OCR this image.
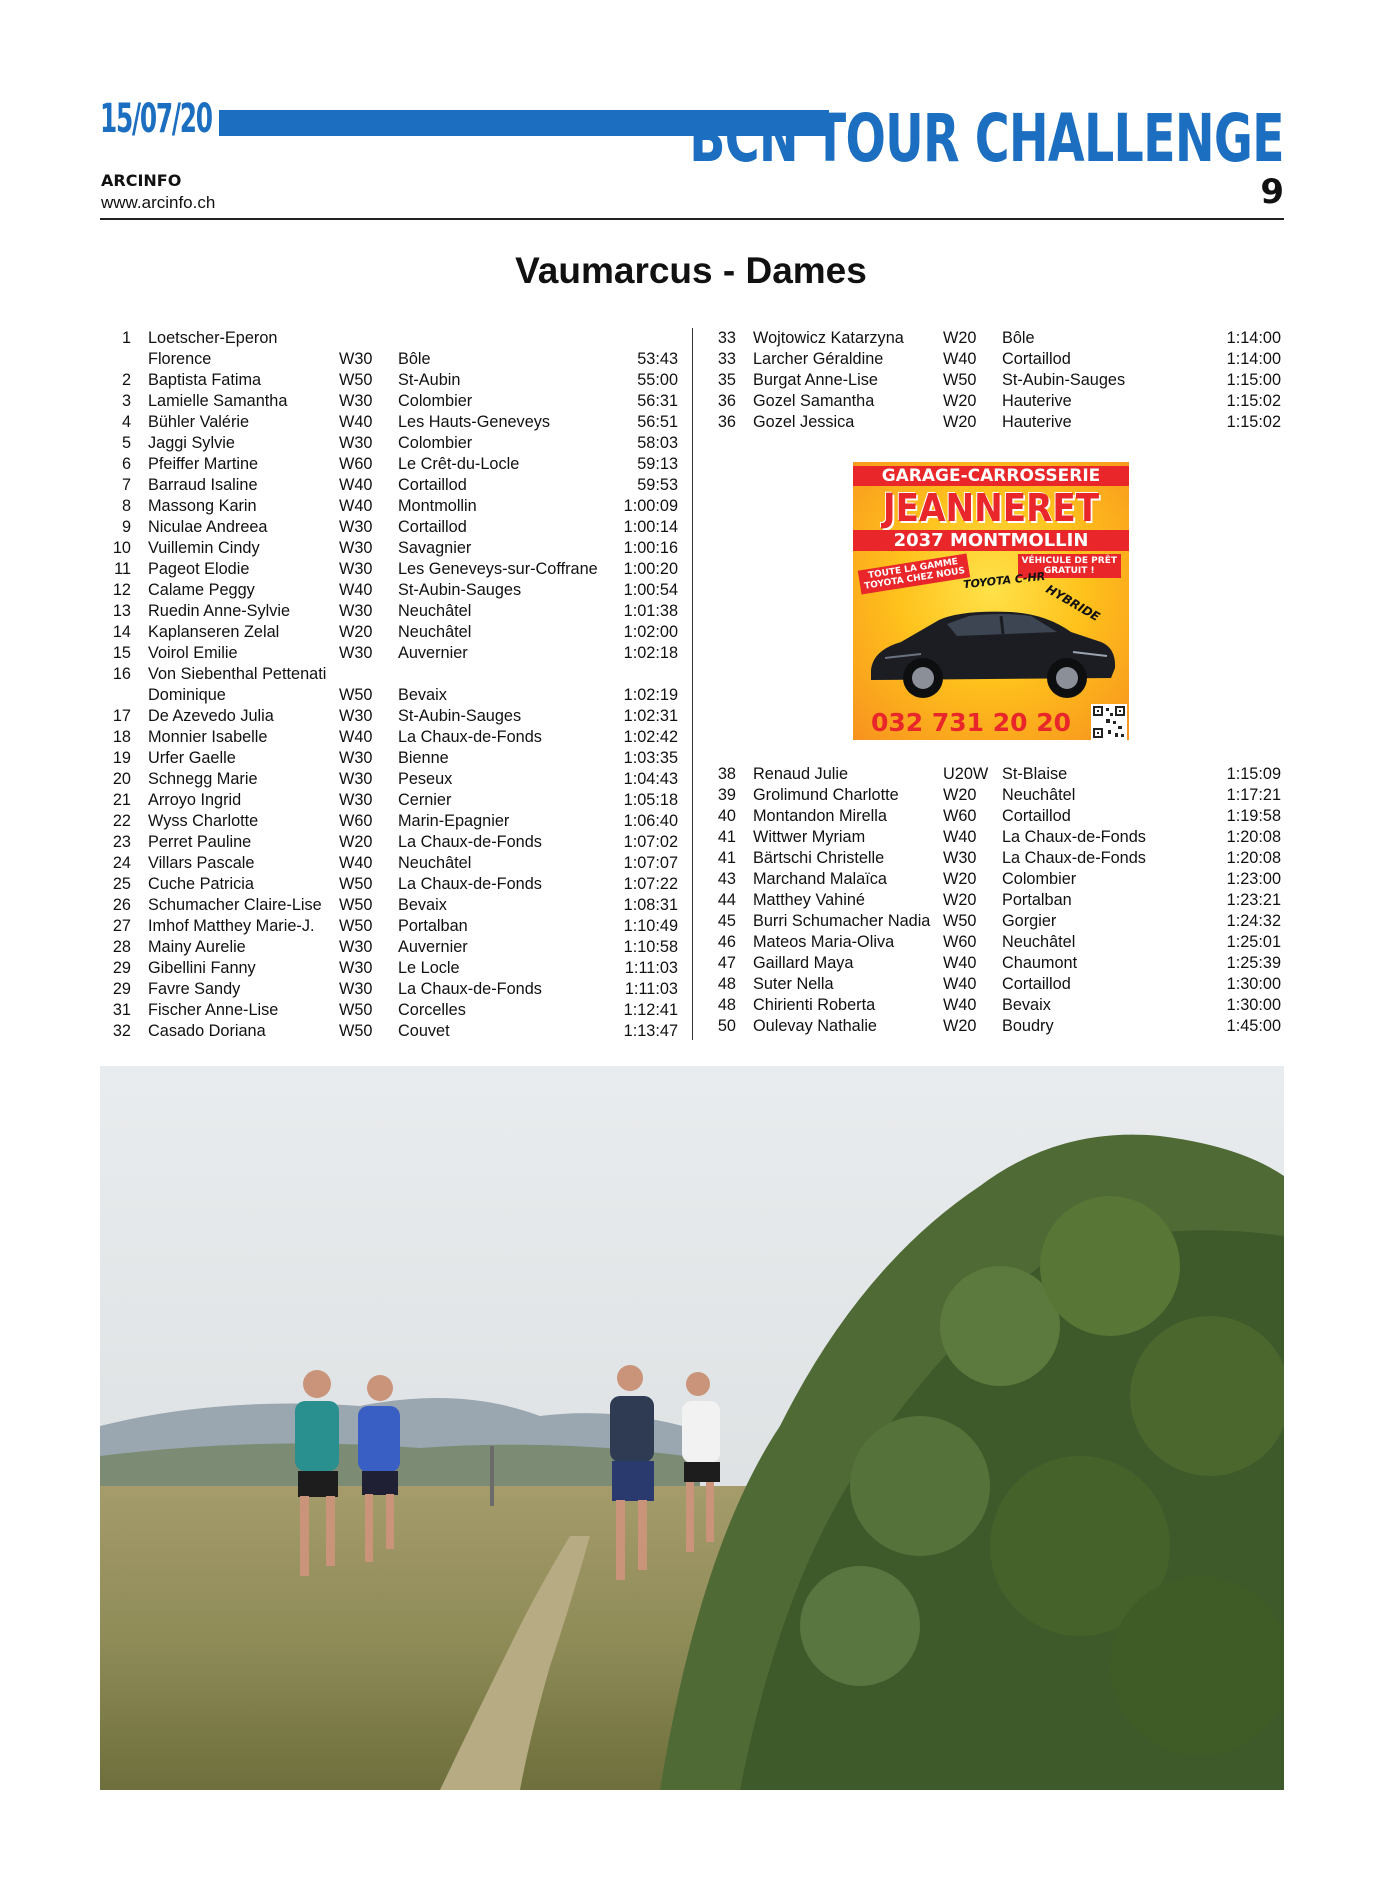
15/07/20	BCN TOUR CHALLENGE
ARCINFO
www.arcinfo.ch	9
Vaumarcus - Dames
1		Loetscher-Eperon			
		Florence	W30	Bôle	53:43
2		Baptista Fatima	W50	St-Aubin	55:00
3		Lamielle Samantha	W30	Colombier	56:31
4		Bühler Valérie	W40	Les Hauts-Geneveys	56:51
5		Jaggi Sylvie	W30	Colombier	58:03
6		Pfeiffer Martine	W60	Le Crêt-du-Locle	59:13
7		Barraud Isaline	W40	Cortaillod	59:53
8		Massong Karin	W40	Montmollin	1:00:09
9		Niculae Andreea	W30	Cortaillod	1:00:14
10		Vuillemin Cindy	W30	Savagnier	1:00:16
11		Pageot Elodie	W30	Les Geneveys-sur-Coffrane	1:00:20
12		Calame Peggy	W40	St-Aubin-Sauges	1:00:54
13		Ruedin Anne-Sylvie	W30	Neuchâtel	1:01:38
14		Kaplanseren Zelal	W20	Neuchâtel	1:02:00
15		Voirol Emilie	W30	Auvernier	1:02:18
16		Von Siebenthal Pettenati			
		Dominique	W50	Bevaix	1:02:19
17		De Azevedo Julia	W30	St-Aubin-Sauges	1:02:31
18		Monnier Isabelle	W40	La Chaux-de-Fonds	1:02:42
19		Urfer Gaelle	W30	Bienne	1:03:35
20		Schnegg Marie	W30	Peseux	1:04:43
21		Arroyo Ingrid	W30	Cernier	1:05:18
22		Wyss Charlotte	W60	Marin-Epagnier	1:06:40
23		Perret Pauline	W20	La Chaux-de-Fonds	1:07:02
24		Villars Pascale	W40	Neuchâtel	1:07:07
25		Cuche Patricia	W50	La Chaux-de-Fonds	1:07:22
26		Schumacher Claire-Lise	W50	Bevaix	1:08:31
27		Imhof Matthey Marie-J.	W50	Portalban	1:10:49
28		Mainy Aurelie	W30	Auvernier	1:10:58
29		Gibellini Fanny	W30	Le Locle	1:11:03
29		Favre Sandy	W30	La Chaux-de-Fonds	1:11:03
31		Fischer Anne-Lise	W50	Corcelles	1:12:41
32		Casado Doriana	W50	Couvet	1:13:47
33		Wojtowicz Katarzyna	W20	Bôle	1:14:00
33		Larcher Géraldine	W40	Cortaillod	1:14:00
35		Burgat Anne-Lise	W50	St-Aubin-Sauges	1:15:00
36		Gozel Samantha	W20	Hauterive	1:15:02
36		Gozel Jessica	W20	Hauterive	1:15:02
38		Renaud Julie	U20W	St-Blaise	1:15:09
39		Grolimund Charlotte	W20	Neuchâtel	1:17:21
40		Montandon Mirella	W60	Cortaillod	1:19:58
41		Wittwer Myriam	W40	La Chaux-de-Fonds	1:20:08
41		Bärtschi Christelle	W30	La Chaux-de-Fonds	1:20:08
43		Marchand Malaïca	W20	Colombier	1:23:00
44		Matthey Vahiné	W20	Portalban	1:23:21
45		Burri Schumacher Nadia	W50	Gorgier	1:24:32
46		Mateos Maria-Oliva	W60	Neuchâtel	1:25:01
47		Gaillard Maya	W40	Chaumont	1:25:39
48		Suter Nella	W40	Cortaillod	1:30:00
48		Chirienti Roberta	W40	Bevaix	1:30:00
50		Oulevay Nathalie	W20	Boudry	1:45:00
GARAGE-CARROSSERIE
JEANNERET
2037 MONTMOLLIN
TOUTE LA GAMME
TOYOTA CHEZ NOUS
VÉHICULE DE PRÊT
GRATUIT !
TOYOTA C-HR
HYBRIDE
032 731 20 20
